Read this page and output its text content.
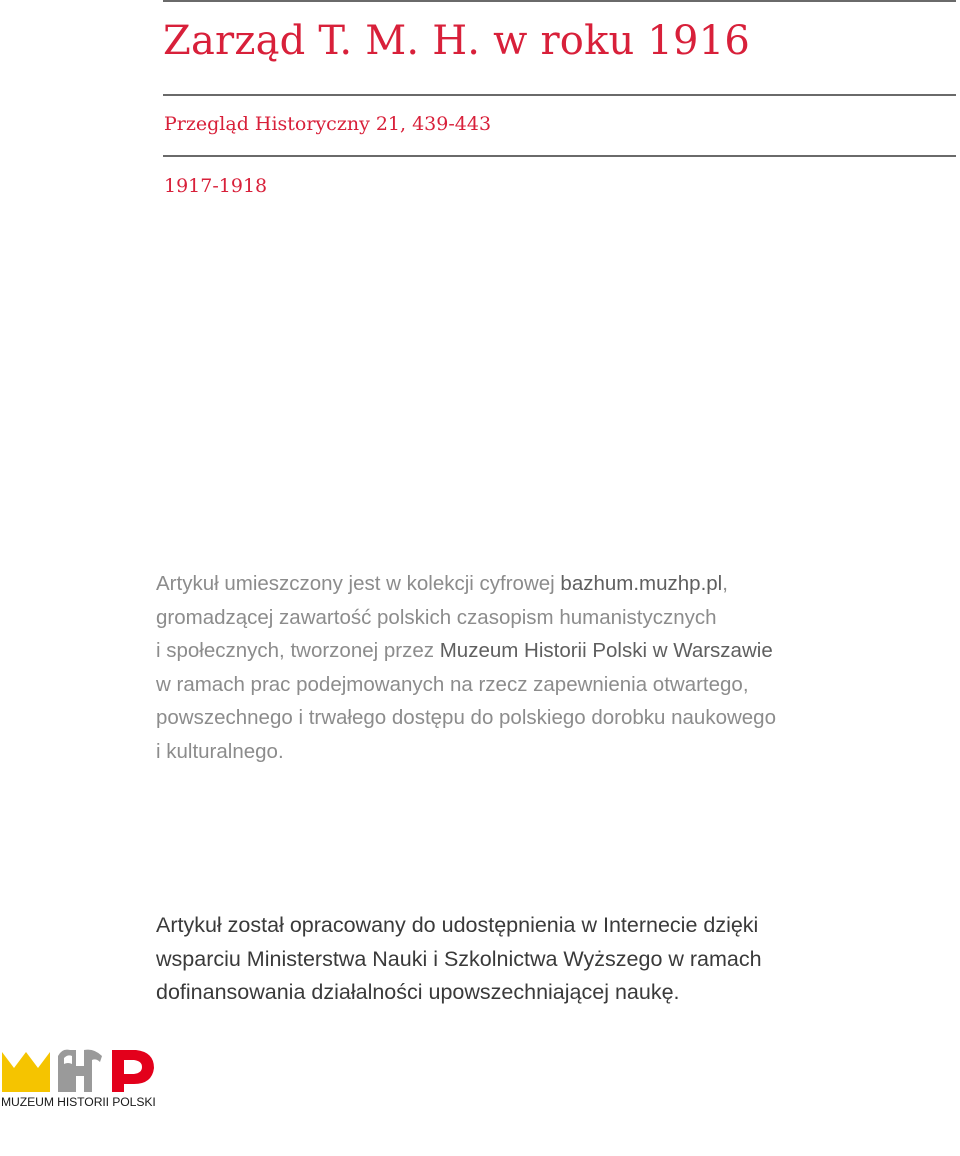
Zarząd T. M. H. w roku 1916
Przegląd Historyczny 21, 439-443
1917-1918
Artykuł umieszczony jest w kolekcji cyfrowej bazhum.muzhp.pl,
gromadzącej zawartość polskich czasopism humanistycznych
i społecznych, tworzonej przez Muzeum Historii Polski w Warszawie
w ramach prac podejmowanych na rzecz zapewnienia otwartego,
powszechnego i trwałego dostępu do polskiego dorobku naukowego
i kulturalnego.
Artykuł został opracowany do udostępnienia w Internecie dzięki
wsparciu Ministerstwa Nauki i Szkolnictwa Wyższego w ramach
dofinansowania działalności upowszechniającej naukę.
MUZEUM HISTORII POLSKI
